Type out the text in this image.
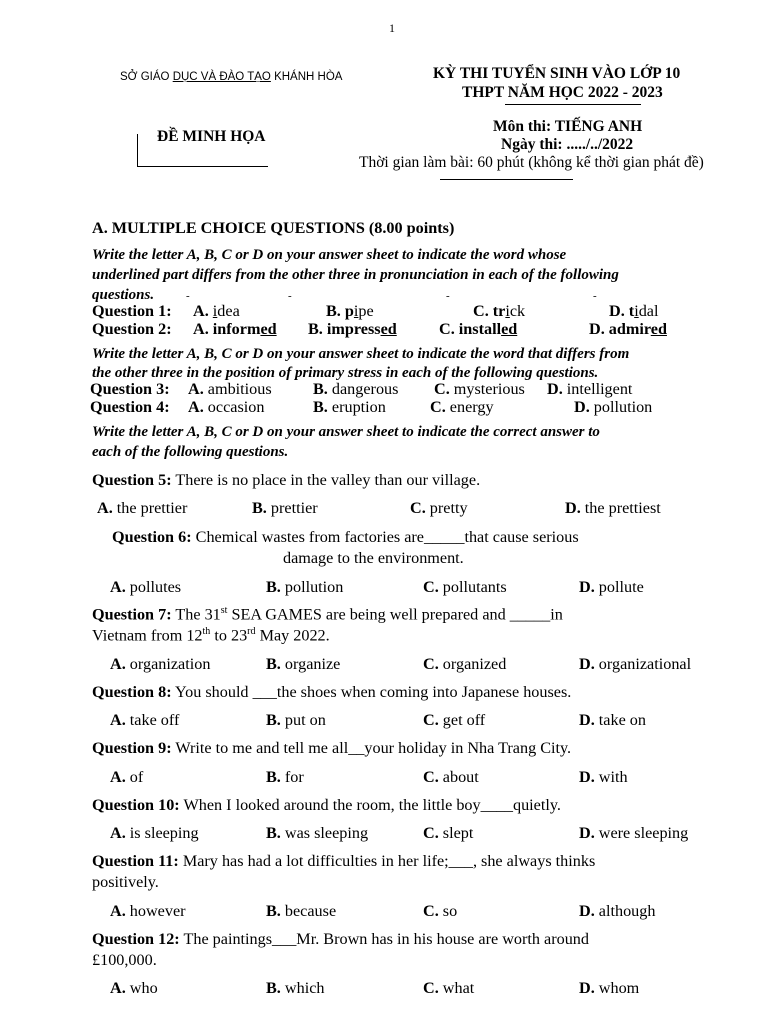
1
SỞ GIÁO DỤC VÀ ĐÀO TẠO KHÁNH HÒA
ĐỀ MINH HỌA
KỲ THI TUYỂN SINH VÀO LỚP 10
THPT NĂM HỌC 2022 - 2023
Môn thi: TIẾNG ANH
Ngày thi: ...../../2022
Thời gian làm bài: 60 phút (không kể thời gian phát đề)
A. MULTIPLE CHOICE QUESTIONS (8.00 points)
Write the letter A, B, C or D on your answer sheet to indicate the word whose
underlined part differs from the other three in pronunciation in each of the following
questions.	-	-	-	-
Question 1: A. idea	B. pipe	C. trick	D. tidal
Question 2: A. informed B. impressed	C. installed	D. admired
Write the letter A, B, C or D on your answer sheet to indicate the word that differs from
the other three in the position of primary stress in each of the following questions.
Question 3: A. ambitious	B. dangerous C. mysterious D. intelligent
Question 4: A. occasion	B. eruption	C. energy	D. pollution
Write the letter A, B, C or D on your answer sheet to indicate the correct answer to
each of the following questions.
Question 5: There is no place in the valley than our village.
A. the prettier	B. prettier	C. pretty	D. the prettiest
Question 6: Chemical wastes from factories are_____that cause serious
damage to the environment.
A. pollutes	B. pollution	C. pollutants	D. pollute
Question 7: The 31st SEA GAMES are being well prepared and _____in
Vietnam from 12th to 23rd May 2022.
A. organization	B. organize	C. organized	D. organizational
Question 8: You should ___the shoes when coming into Japanese houses.
A. take off	B. put on	C. get off	D. take on
Question 9: Write to me and tell me all__your holiday in Nha Trang City.
A. of	B. for	C. about	D. with
Question 10: When I looked around the room, the little boy____quietly.
A. is sleeping	B. was sleeping	C. slept	D. were sleeping
Question 11: Mary has had a lot difficulties in her life;___, she always thinks
positively.
A. however	B. because	C. so	D. although
Question 12: The paintings___Mr. Brown has in his house are worth around
£100,000.
A. who	B. which	C. what	D. whom
